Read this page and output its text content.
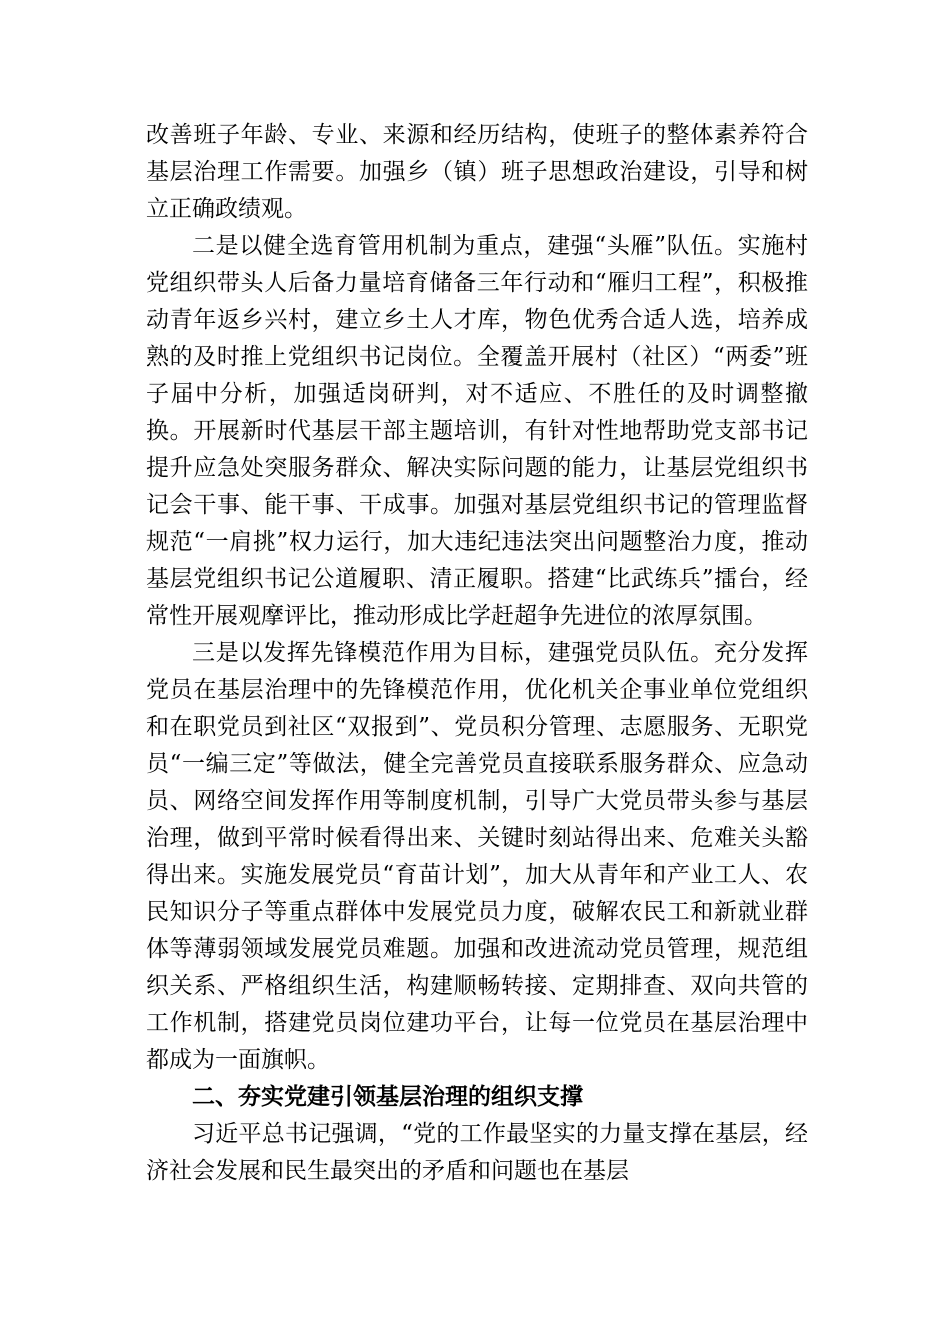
改善班子年龄、专业、来源和经历结构，使班子的整体素养符合基层治理工作需要。加强乡（镇）班子思想政治建设，引导和树立正确政绩观。

二是以健全选育管用机制为重点，建强“头雁”队伍。实施村党组织带头人后备力量培育储备三年行动和“雁归工程”，积极推动青年返乡兴村，建立乡土人才库，物色优秀合适人选，培养成熟的及时推上党组织书记岗位。全覆盖开展村（社区）“两委”班子届中分析，加强适岗研判，对不适应、不胜任的及时调整撤换。开展新时代基层干部主题培训，有针对性地帮助党支部书记提升应急处突服务群众、解决实际问题的能力，让基层党组织书记会干事、能干事、干成事。加强对基层党组织书记的管理监督规范“一肩挑”权力运行，加大违纪违法突出问题整治力度，推动基层党组织书记公道履职、清正履职。搭建“比武练兵”擂台，经常性开展观摩评比，推动形成比学赶超争先进位的浓厚氛围。

三是以发挥先锋模范作用为目标，建强党员队伍。充分发挥党员在基层治理中的先锋模范作用，优化机关企事业单位党组织和在职党员到社区“双报到”、党员积分管理、志愿服务、无职党员“一编三定”等做法，健全完善党员直接联系服务群众、应急动员、网络空间发挥作用等制度机制，引导广大党员带头参与基层治理，做到平常时候看得出来、关键时刻站得出来、危难关头豁得出来。实施发展党员“育苗计划”，加大从青年和产业工人、农民知识分子等重点群体中发展党员力度，破解农民工和新就业群体等薄弱领域发展党员难题。加强和改进流动党员管理，规范组织关系、严格组织生活，构建顺畅转接、定期排查、双向共管的工作机制，搭建党员岗位建功平台，让每一位党员在基层治理中都成为一面旗帜。

二、夯实党建引领基层治理的组织支撑

习近平总书记强调，“党的工作最坚实的力量支撑在基层，经济社会发展和民生最突出的矛盾和问题也在基层
